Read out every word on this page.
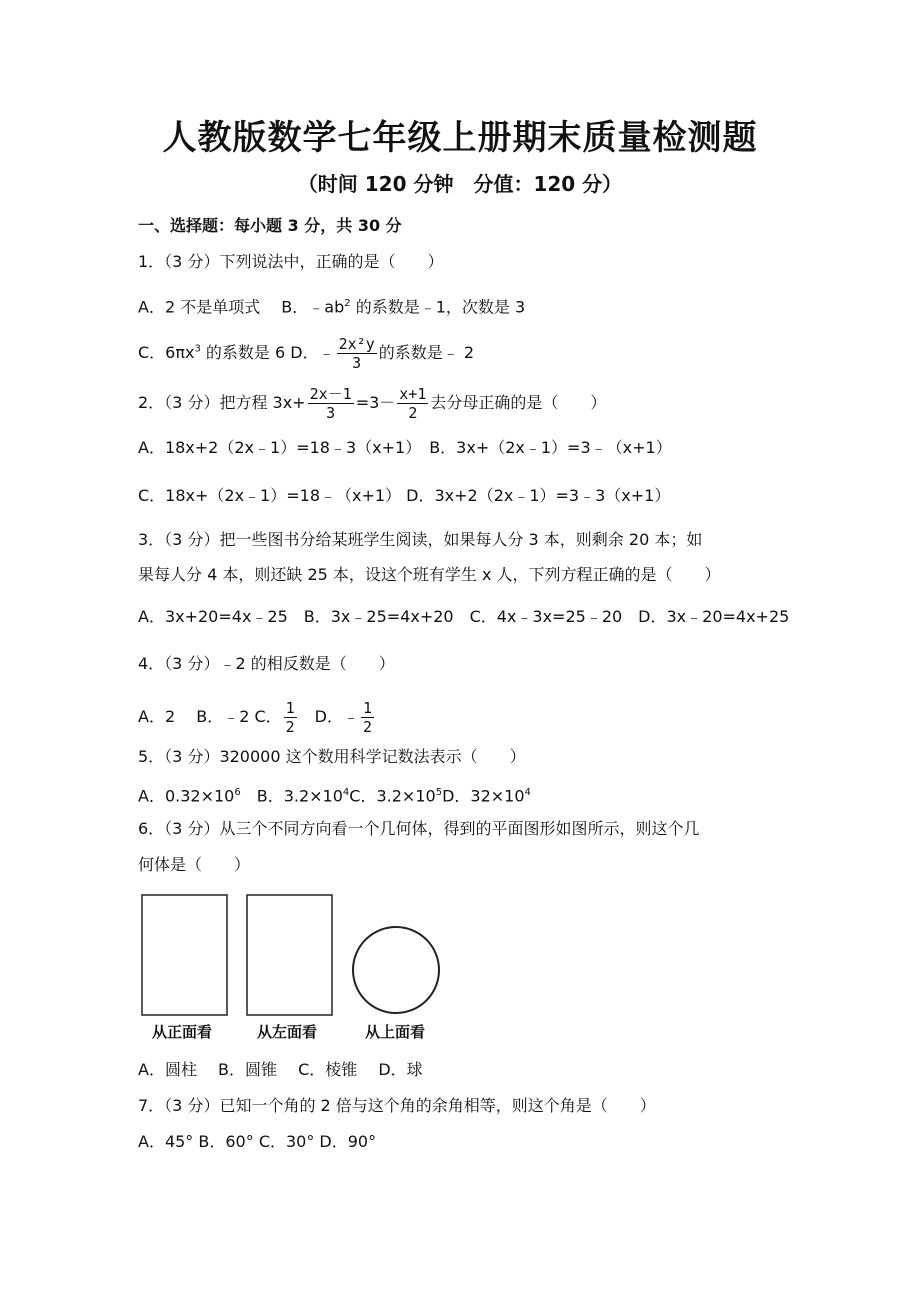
人教版数学七年级上册期末质量检测题
（时间 120 分钟　分值：120 分）
一、选择题：每小题 3 分，共 30 分
1．（3 分）下列说法中，正确的是（　　）
A．2 不是单项式　 B．$﹣ab^2$ 的系数是﹣1，次数是 3
C．$6\pi x^3$ 的系数是 6 D．﹣ $\frac{\text{2x²y}}{3}$ 的系数是﹣ 2
2．（3 分）把方程 $3x+ \frac{2x-1}{3} =3- \frac{x+1}{2}$ 去分母正确的是（　　）
A．18x+2（2x﹣1）=18﹣3（x+1）　B．3x+（2x﹣1）=3﹣（x+1）
C．18x+（2x﹣1）=18﹣（x+1） D．3x+2（2x﹣1）=3﹣3（x+1）
3．（3 分）把一些图书分给某班学生阅读，如果每人分 3 本，则剩余 20 本；如
果每人分 4 本，则还缺 25 本，设这个班有学生 x 人，下列方程正确的是（　　）
A．3x+20=4x﹣25　B．3x﹣25=4x+20　C．4x﹣3x=25﹣20　D．3x﹣20=4x+25
4．（3 分）﹣2 的相反数是（　　）
A．2　 B．﹣2 C． $\frac{1}{2}$ 　D．﹣ $\frac{1}{2}$
5．（3 分）320000 这个数用科学记数法表示（　　）
A．$0.32\times 10^6$　B．$3.2\times 10^4C$．$3.2\times 10^5D$．$32\times 10^4$
6．（3 分）从三个不同方向看一个几何体，得到的平面图形如图所示，则这个几
何体是（　　）
从正面看	从左面看	从上面看
A．圆柱　 B．圆锥　 C．棱锥　 D．球
7．（3 分）已知一个角的 2 倍与这个角的余角相等，则这个角是（　　）
A．45° B．60° C．30° D．90°
